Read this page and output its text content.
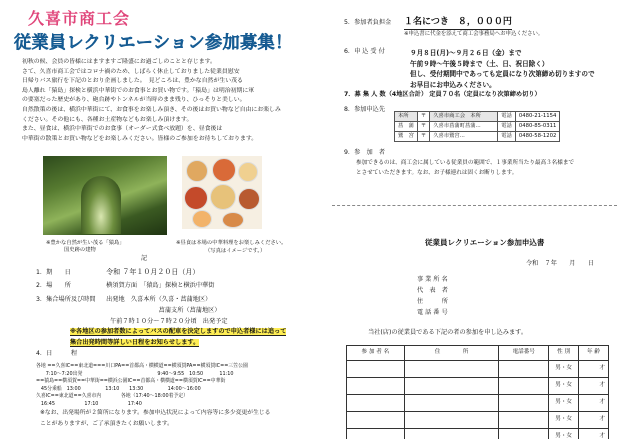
久喜市商工会
従業員レクリエーション参加募集！
初秋の候、会員の皆様にはますますご隆盛にお過ごしのことと存じます。
さて、久喜市商工会ではコロナ禍のため、しばらく休止しておりました従業員慰安
日帰りバス旅行を下記のとおり企画しました。　見どころは、豊かな自然が生い茂る
島人離れ「猿島」探検と横浜中華街でのお食事とお買い物です。「猿島」は明治初期に軍
の要塞だった歴史があり、砲台跡やトンネルが当時のまま残り、ひっそりと美しい。
自然散策の後は、横浜中華街にて、お食事をお楽しみ頂き、その後はお買い物など自由にお楽しみ
ください。その他にも、各種お土産物などもお楽しみ頂けます。　
また、昼食は、横浜中華街でのお食事（オーダー式食べ放題）を、昼食後は
中華街の散策とお買い物などをお楽しみください。皆様のご参加をお待ちしております。
※豊かな自然が生い茂る「猿島」
国史跡の建物
※昼食は本場の中華料理をお楽しみください。
（写真はイメージです。）
記
1．期　　日	令和 ７年１０月２０日（月）
2．場　　所	横須賀方面　「猿島」探検と横浜中華街
3．集合場所及び時間 出発地　久喜本所（久喜・菖蒲地区）
　　　　　　　　　菖蒲支所（菖蒲地区）
午前７時１０分～７時２０分頃　出発予定
※各地区の参加者数によってバスの配車を決定しますので申込者様には追って
集合出発時間等詳しい日程をお知らせします。
4．日　　　程
各地 ==久喜IC==東北道===川口PA==首都高・横横道==横須賀PA==横須賀IC==三笠公園
　　7:10～7:20出発　　　　　　　　　　　　　　　 9:40～9:55　10:50　　　 11:10
==猿島==横須賀==中華街==横浜公園IC==首都高・横横道==横須賀IC==中華街
　45分乗船　13:00　　　　　13:10　　13:30　　　　　14:00～16:00
久喜IC==東北道==久喜市内　　　　各地（17:40～18:00着予定）
　16:45　　　　　　17:10　　　　　　17:40
※なお、出発場所が２箇所になります。参加申込状況によって内容等に多少変更が生じる
ことがありますが、ご了承頂きたくお願いします。
5．参加者負担金 １名につき　８，０００円
※申込書に代金を添えて商工会事務局へお申込ください。
6．申 込 受 付	９月８日(月)～９月２６日（金）まで
午前９時～午後５時まで（土、日、祝日除く）
但し、受付期間中であっても定員になり次第締め切りますので
お早目にお申込みください。
7．募 集 人 数（4地区合計） 定員７０名（定員になり次第締め切り）
8．参加申込先
本所	〒	久喜市商工会　本所	電話	0480-21-1154
菖　蒲	〒	久喜市菖蒲町菖蒲...	電話	0480-85-0311
鷲　宮	〒	久喜市鷲宮...	電話	0480-58-1202
9．参　加　者
参加できるのは、商工会に属している従業員の範囲で、１事業所当たり最高３名様まで
とさせていただきます。なお、お子様連れは固くお断りします。
従業員レクリエーション参加申込書
令和　７年　　月　　日
事 業 所 名
代　表　者
住　　　所
電 話 番 号
当社(店)の従業員である下記の者の参加を申し込みます。
参 加 者 名	住　　　　所	電話番号	性 別	年 齢
			男・女	才
			男・女	才
			男・女	才
			男・女	才
			男・女	才
